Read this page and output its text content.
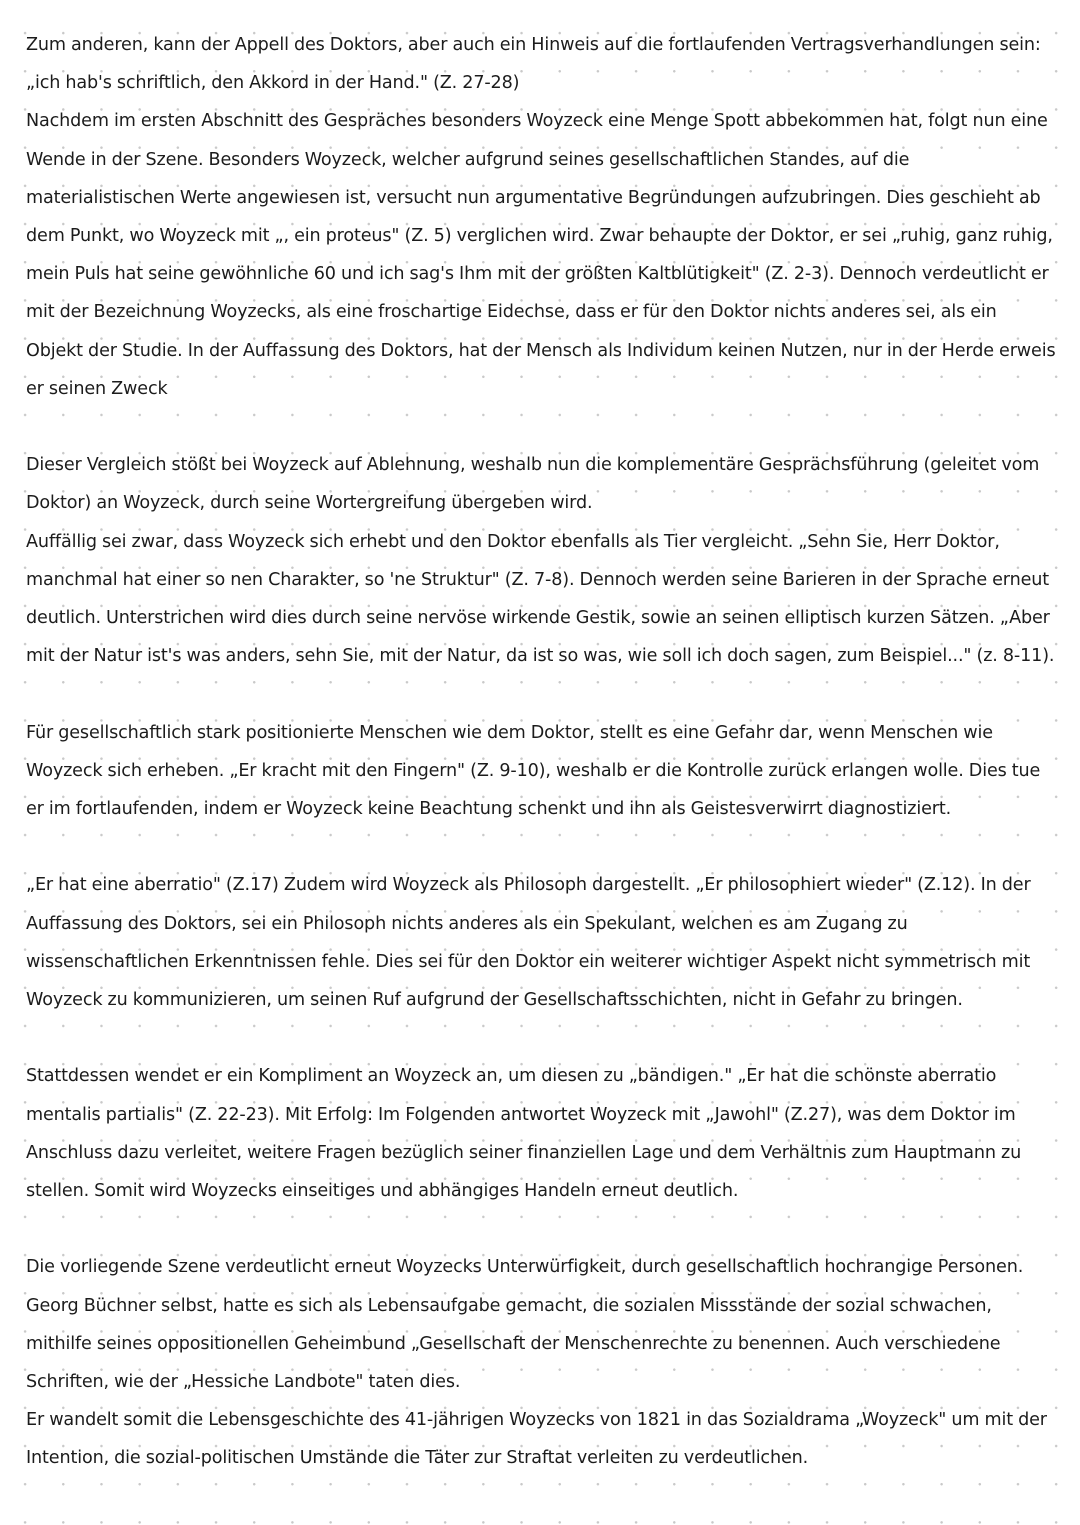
Zum anderen, kann der Appell des Doktors, aber auch ein Hinweis auf die fortlaufenden Vertragsverhandlungen sein: „ich hab's schriftlich, den Akkord in der Hand." (Z. 27-28)

Nachdem im ersten Abschnitt des Gespräches besonders Woyzeck eine Menge Spott abbekommen hat, folgt nun eine Wende in der Szene. Besonders Woyzeck, welcher aufgrund seines gesellschaftlichen Standes, auf die materialistischen Werte angewiesen ist, versucht nun argumentative Begründungen aufzubringen. Dies geschieht ab dem Punkt, wo Woyzeck mit „, ein proteus" (Z. 5) verglichen wird. Zwar behaupte der Doktor, er sei „ruhig, ganz ruhig, mein Puls hat seine gewöhnliche 60 und ich sag's Ihm mit der größten Kaltblütigkeit" (Z. 2-3). Dennoch verdeutlicht er mit der Bezeichnung Woyzecks, als eine froschartige Eidechse, dass er für den Doktor nichts anderes sei, als ein Objekt der Studie. In der Auffassung des Doktors, hat der Mensch als Individum keinen Nutzen, nur in der Herde erweis er seinen Zweck

Dieser Vergleich stößt bei Woyzeck auf Ablehnung, weshalb nun die komplementäre Gesprächsführung (geleitet vom Doktor) an Woyzeck, durch seine Wortergreifung übergeben wird.

Auffällig sei zwar, dass Woyzeck sich erhebt und den Doktor ebenfalls als Tier vergleicht. „Sehn Sie, Herr Doktor, manchmal hat einer so nen Charakter, so 'ne Struktur" (Z. 7-8). Dennoch werden seine Barieren in der Sprache erneut deutlich. Unterstrichen wird dies durch seine nervöse wirkende Gestik, sowie an seinen elliptisch kurzen Sätzen. „Aber mit der Natur ist's was anders, sehn Sie, mit der Natur, da ist so was, wie soll ich doch sagen, zum Beispiel..." (z. 8-11).

Für gesellschaftlich stark positionierte Menschen wie dem Doktor, stellt es eine Gefahr dar, wenn Menschen wie Woyzeck sich erheben. „Er kracht mit den Fingern" (Z. 9-10), weshalb er die Kontrolle zurück erlangen wolle. Dies tue er im fortlaufenden, indem er Woyzeck keine Beachtung schenkt und ihn als Geistesverwirrt diagnostiziert.

„Er hat eine aberratio" (Z.17) Zudem wird Woyzeck als Philosoph dargestellt. „Er philosophiert wieder" (Z.12). In der Auffassung des Doktors, sei ein Philosoph nichts anderes als ein Spekulant, welchen es am Zugang zu wissenschaftlichen Erkenntnissen fehle. Dies sei für den Doktor ein weiterer wichtiger Aspekt nicht symmetrisch mit Woyzeck zu kommunizieren, um seinen Ruf aufgrund der Gesellschaftsschichten, nicht in Gefahr zu bringen.

Stattdessen wendet er ein Kompliment an Woyzeck an, um diesen zu „bändigen." „Er hat die schönste aberratio mentalis partialis" (Z. 22-23). Mit Erfolg: Im Folgenden antwortet Woyzeck mit „Jawohl" (Z.27), was dem Doktor im Anschluss dazu verleitet, weitere Fragen bezüglich seiner finanziellen Lage und dem Verhältnis zum Hauptmann zu stellen. Somit wird Woyzecks einseitiges und abhängiges Handeln erneut deutlich.

Die vorliegende Szene verdeutlicht erneut Woyzecks Unterwürfigkeit, durch gesellschaftlich hochrangige Personen. Georg Büchner selbst, hatte es sich als Lebensaufgabe gemacht, die sozialen Missstände der sozial schwachen, mithilfe seines oppositionellen Geheimbund „Gesellschaft der Menschenrechte zu benennen. Auch verschiedene Schriften, wie der „Hessiche Landbote" taten dies.

Er wandelt somit die Lebensgeschichte des 41-jährigen Woyzecks von 1821 in das Sozialdrama „Woyzeck" um mit der Intention, die sozial-politischen Umstände die Täter zur Straftat verleiten zu verdeutlichen.
